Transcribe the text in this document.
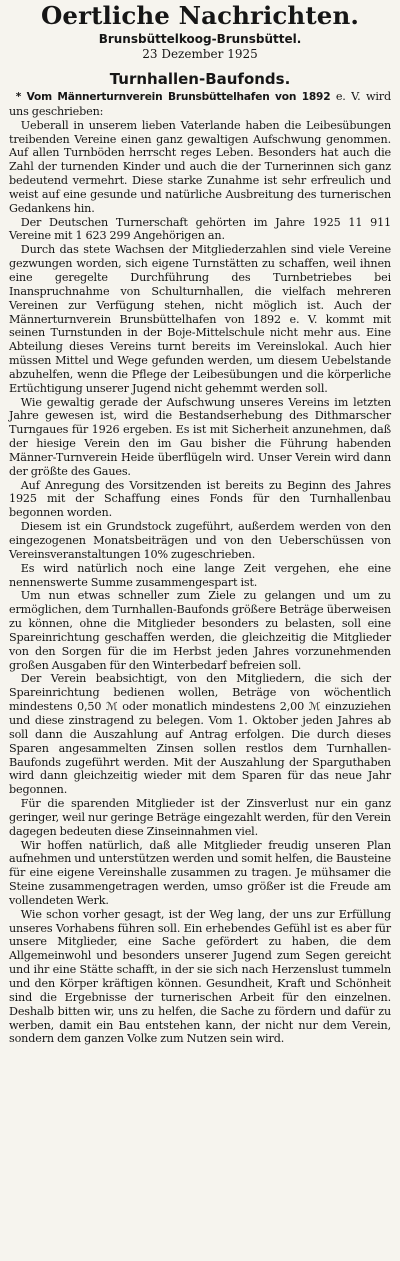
Oertliche Nachrichten.
Brunsbüttelkoog-Brunsbüttel.
23 Dezember 1925
Turnhallen-Baufonds.

* Vom Männerturnverein Brunsbüttelhafen von 1892 e. V. wird uns geschrieben:

Ueberall in unserem lieben Vaterlande haben die Leibesübungen treibenden Vereine einen ganz gewaltigen Aufschwung genommen. Auf allen Turnböden herrscht reges Leben. Besonders hat auch die Zahl der turnenden Kinder und auch die der Turnerinnen sich ganz bedeutend vermehrt. Diese starke Zunahme ist sehr erfreulich und weist auf eine gesunde und natürliche Ausbreitung des turnerischen Gedankens hin.

Der Deutschen Turnerschaft gehörten im Jahre 1925 11 911 Vereine mit 1 623 299 Angehörigen an.

Durch das stete Wachsen der Mitgliederzahlen sind viele Vereine gezwungen worden, sich eigene Turnstätten zu schaffen, weil ihnen eine geregelte Durchführung des Turnbetriebes bei Inanspruchnahme von Schulturnhallen, die vielfach mehreren Vereinen zur Verfügung stehen, nicht möglich ist. Auch der Männerturnverein Brunsbüttelhafen von 1892 e. V. kommt mit seinen Turnstunden in der Boje-Mittelschule nicht mehr aus. Eine Abteilung dieses Vereins turnt bereits im Vereinslokal. Auch hier müssen Mittel und Wege gefunden werden, um diesem Uebelstande abzuhelfen, wenn die Pflege der Leibesübungen und die körperliche Ertüchtigung unserer Jugend nicht gehemmt werden soll.

Wie gewaltig gerade der Aufschwung unseres Vereins im letzten Jahre gewesen ist, wird die Bestandserhebung des Dithmarscher Turngaues für 1926 ergeben. Es ist mit Sicherheit anzunehmen, daß der hiesige Verein den im Gau bisher die Führung habenden Männer-Turnverein Heide überflügeln wird. Unser Verein wird dann der größte des Gaues.

Auf Anregung des Vorsitzenden ist bereits zu Beginn des Jahres 1925 mit der Schaffung eines Fonds für den Turnhallenbau begonnen worden.

Diesem ist ein Grundstock zugeführt, außerdem werden von den eingezogenen Monatsbeiträgen und von den Ueberschüssen von Vereinsveranstaltungen 10% zugeschrieben.

Es wird natürlich noch eine lange Zeit vergehen, ehe eine nennenswerte Summe zusammengespart ist.

Um nun etwas schneller zum Ziele zu gelangen und um zu ermöglichen, dem Turnhallen-Baufonds größere Beträge überweisen zu können, ohne die Mitglieder besonders zu belasten, soll eine Spareinrichtung geschaffen werden, die gleichzeitig die Mitglieder von den Sorgen für die im Herbst jeden Jahres vorzunehmenden großen Ausgaben für den Winterbedarf befreien soll.

Der Verein beabsichtigt, von den Mitgliedern, die sich der Spareinrichtung bedienen wollen, Beträge von wöchentlich mindestens 0,50 ℳ oder monatlich mindestens 2,00 ℳ einzuziehen und diese zinstragend zu belegen. Vom 1. Oktober jeden Jahres ab soll dann die Auszahlung auf Antrag erfolgen. Die durch dieses Sparen angesammelten Zinsen sollen restlos dem Turnhallen-Baufonds zugeführt werden. Mit der Auszahlung der Sparguthaben wird dann gleichzeitig wieder mit dem Sparen für das neue Jahr begonnen.

Für die sparenden Mitglieder ist der Zinsverlust nur ein ganz geringer, weil nur geringe Beträge eingezahlt werden, für den Verein dagegen bedeuten diese Zinseinnahmen viel.

Wir hoffen natürlich, daß alle Mitglieder freudig unseren Plan aufnehmen und unterstützen werden und somit helfen, die Bausteine für eine eigene Vereinshalle zusammen zu tragen. Je mühsamer die Steine zusammengetragen werden, umso größer ist die Freude am vollendeten Werk.

Wie schon vorher gesagt, ist der Weg lang, der uns zur Erfüllung unseres Vorhabens führen soll. Ein erhebendes Gefühl ist es aber für unsere Mitglieder, eine Sache gefördert zu haben, die dem Allgemeinwohl und besonders unserer Jugend zum Segen gereicht und ihr eine Stätte schafft, in der sie sich nach Herzenslust tummeln und den Körper kräftigen können. Gesundheit, Kraft und Schönheit sind die Ergebnisse der turnerischen Arbeit für den einzelnen. Deshalb bitten wir, uns zu helfen, die Sache zu fördern und dafür zu werben, damit ein Bau entstehen kann, der nicht nur dem Verein, sondern dem ganzen Volke zum Nutzen sein wird.
